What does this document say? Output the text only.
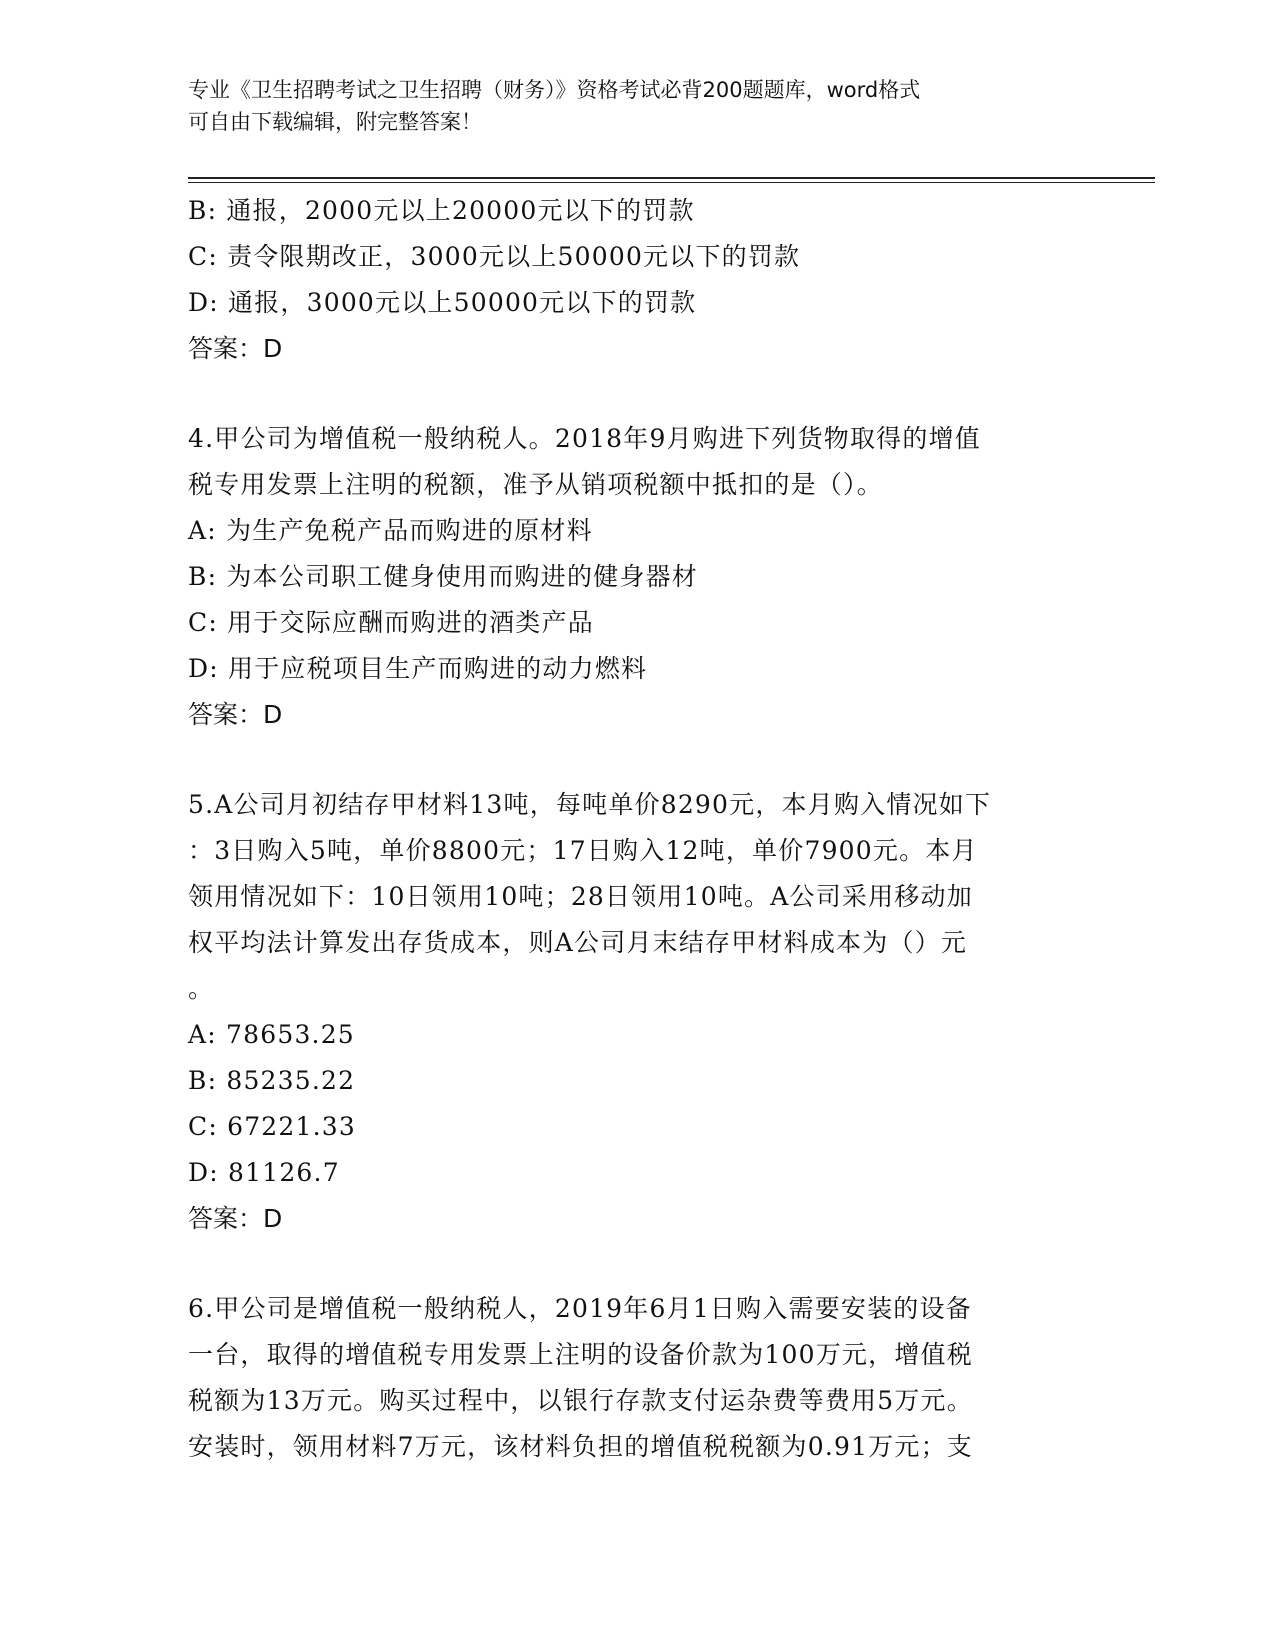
专业《卫生招聘考试之卫生招聘（财务）》资格考试必背200题题库，word格式
可自由下载编辑，附完整答案！
B: 通报，2000元以上20000元以下的罚款
C: 责令限期改正，3000元以上50000元以下的罚款
D: 通报，3000元以上50000元以下的罚款
答案：D
4.甲公司为增值税一般纳税人。2018年9月购进下列货物取得的增值
税专用发票上注明的税额，准予从销项税额中抵扣的是（）。
A: 为生产免税产品而购进的原材料
B: 为本公司职工健身使用而购进的健身器材
C: 用于交际应酬而购进的酒类产品
D: 用于应税项目生产而购进的动力燃料
答案：D
5.A公司月初结存甲材料13吨，每吨单价8290元，本月购入情况如下
：3日购入5吨，单价8800元；17日购入12吨，单价7900元。本月
领用情况如下：10日领用10吨；28日领用10吨。A公司采用移动加
权平均法计算发出存货成本，则A公司月末结存甲材料成本为（）元
。
A: 78653.25
B: 85235.22
C: 67221.33
D: 81126.7
答案：D
6.甲公司是增值税一般纳税人，2019年6月1日购入需要安装的设备
一台，取得的增值税专用发票上注明的设备价款为100万元，增值税
税额为13万元。购买过程中，以银行存款支付运杂费等费用5万元。
安装时，领用材料7万元，该材料负担的增值税税额为0.91万元；支
